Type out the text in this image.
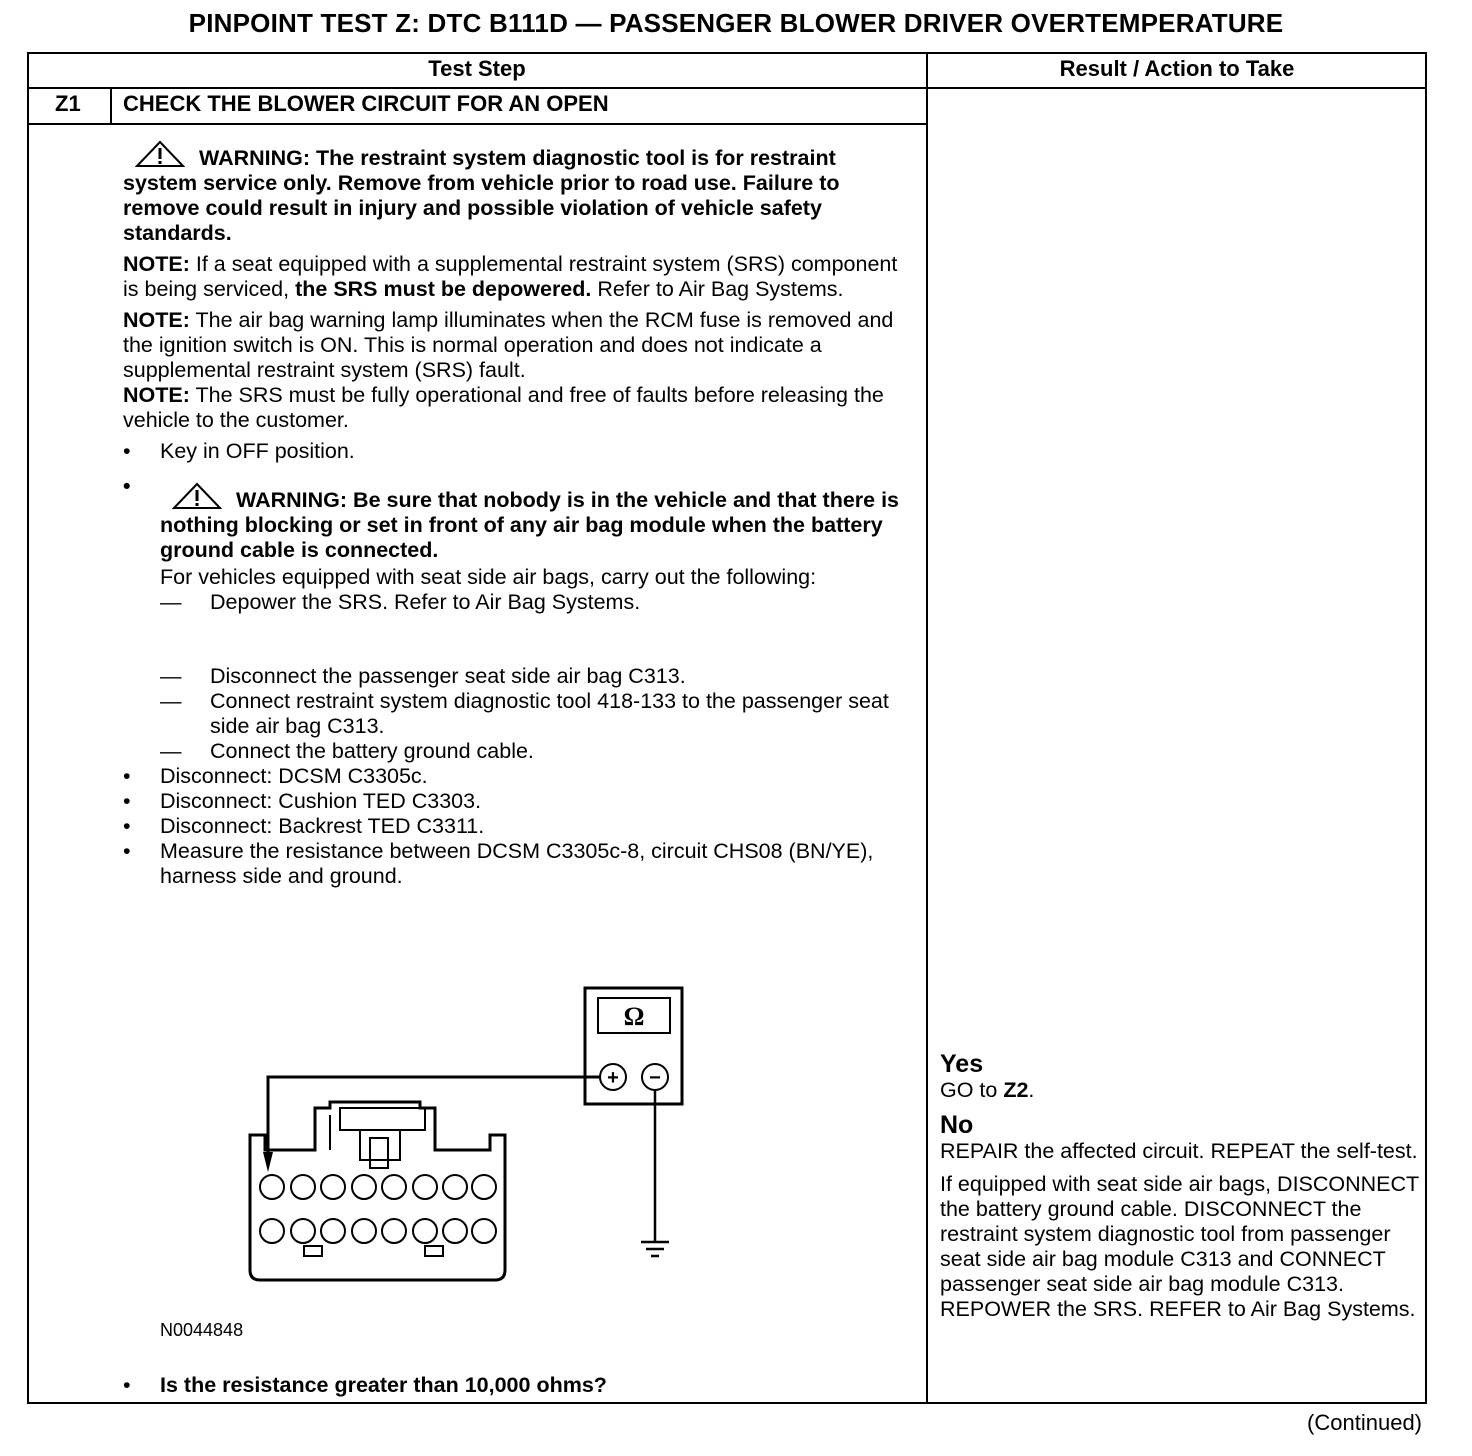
PINPOINT TEST Z: DTC B111D — PASSENGER BLOWER DRIVER OVERTEMPERATURE
Test Step	Result / Action to Take
Z1 CHECK THE BLOWER CIRCUIT FOR AN OPEN

WARNING: The restraint system diagnostic tool is for restraint system service only. Remove from vehicle prior to road use. Failure to remove could result in injury and possible violation of vehicle safety standards.

NOTE: If a seat equipped with a supplemental restraint system (SRS) component is being serviced, the SRS must be depowered. Refer to Air Bag Systems.

NOTE: The air bag warning lamp illuminates when the RCM fuse is removed and the ignition switch is ON. This is normal operation and does not indicate a supplemental restraint system (SRS) fault.

NOTE: The SRS must be fully operational and free of faults before releasing the vehicle to the customer.

• Key in OFF position.

•
WARNING: Be sure that nobody is in the vehicle and that there is nothing blocking or set in front of any air bag module when the battery ground cable is connected.

For vehicles equipped with seat side air bags, carry out the following:

— Depower the SRS. Refer to Air Bag Systems.

— Disconnect the passenger seat side air bag C313.

— Connect restraint system diagnostic tool 418-133 to the passenger seat side air bag C313.

— Connect the battery ground cable.

• Disconnect: DCSM C3305c.

• Disconnect: Cushion TED C3303.

• Disconnect: Backrest TED C3311.

• Measure the resistance between DCSM C3305c-8, circuit CHS08 (BN/YE), harness side and ground.

Ω
+ −
N0044848
• Is the resistance greater than 10,000 ohms?

Yes

GO to Z2.

No

REPAIR the affected circuit. REPEAT the self-test.

If equipped with seat side air bags, DISCONNECT the battery ground cable. DISCONNECT the restraint system diagnostic tool from passenger seat side air bag module C313 and CONNECT passenger seat side air bag module C313. REPOWER the SRS. REFER to Air Bag Systems.

(Continued)
